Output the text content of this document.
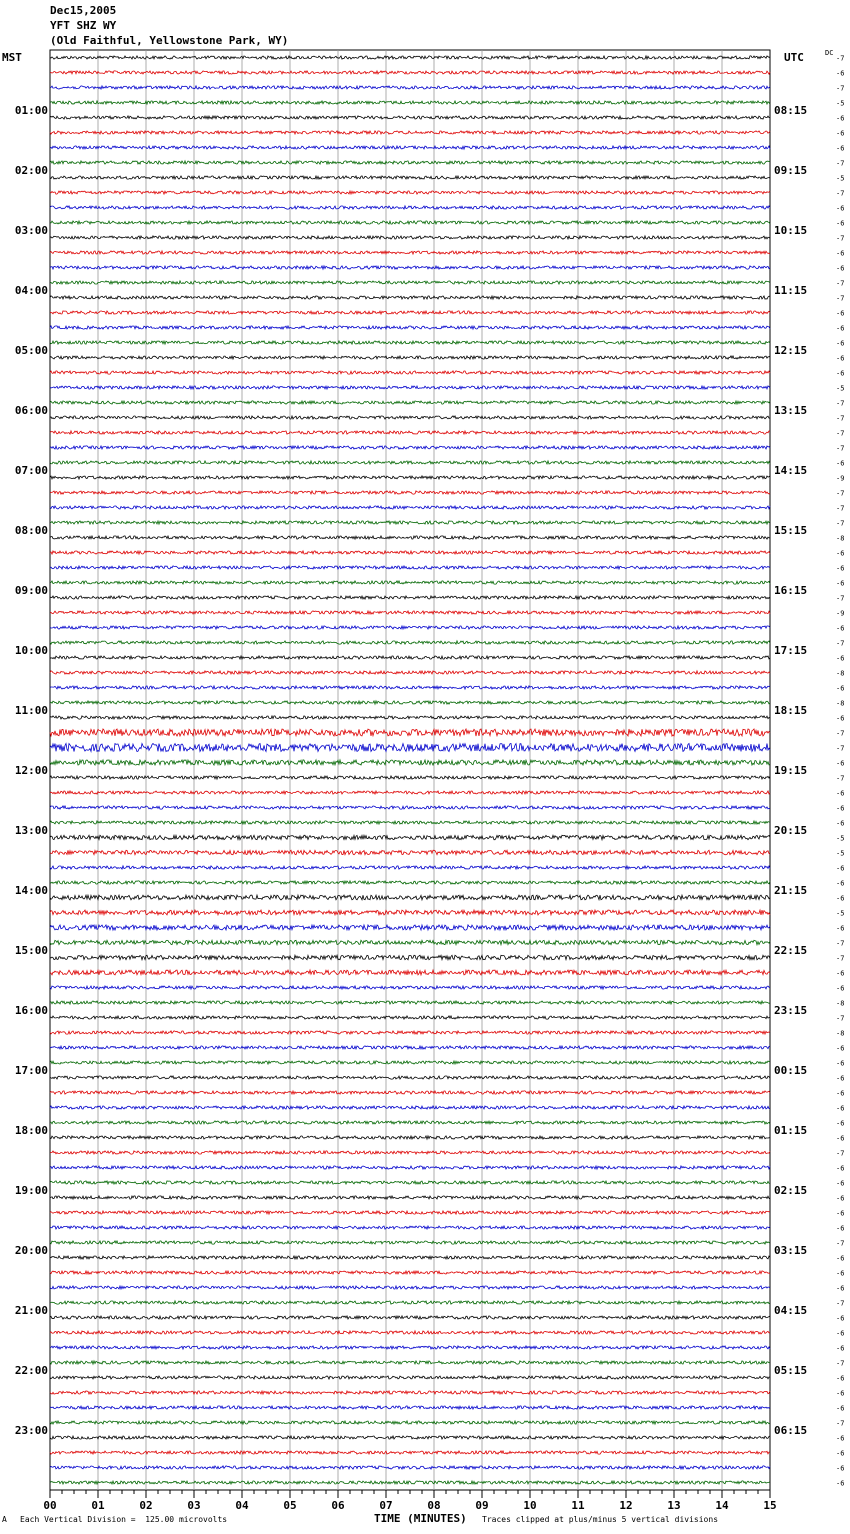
Dec15,2005
YFT SHZ WY
(Old Faithful, Yellowstone Park, WY)
MST	UTC	DC
01:00
02:00
03:00
04:00
05:00
06:00
07:00
08:00
09:00
10:00
11:00
12:00
13:00
14:00
15:00
16:00
17:00
18:00
19:00
20:00
21:00
22:00
23:00
08:15
09:15
10:15
11:15
12:15
13:15
14:15
15:15
16:15
17:15
18:15
19:15
20:15
21:15
22:15
23:15
00:15
01:15
02:15
03:15
04:15
05:15
06:15
-7
-6
-7
-5
-6
-6
-6
-7
-5
-7
-6
-6
-7
-6
-6
-7
-7
-6
-6
-6
-6
-6
-5
-7
-7
-7
-7
-6
-9
-7
-7
-7
-8
-6
-6
-6
-7
-9
-6
-7
-6
-8
-6
-8
-6
-7
-7
-6
-7
-6
-6
-6
-5
-5
-6
-6
-6
-5
-6
-7
-7
-6
-6
-8
-7
-8
-6
-6
-6
-6
-6
-6
-6
-7
-6
-6
-6
-6
-6
-7
-6
-6
-6
-7
-6
-6
-6
-7
-6
-6
-6
-7
-6
-6
-6
-6
00	01	02	03	04	05	06	07	08	09	10	11	12	13	14	15
A Each Vertical Division =  125.00 microvolts	TIME (MINUTES) Traces clipped at plus/minus 5 vertical divisions
